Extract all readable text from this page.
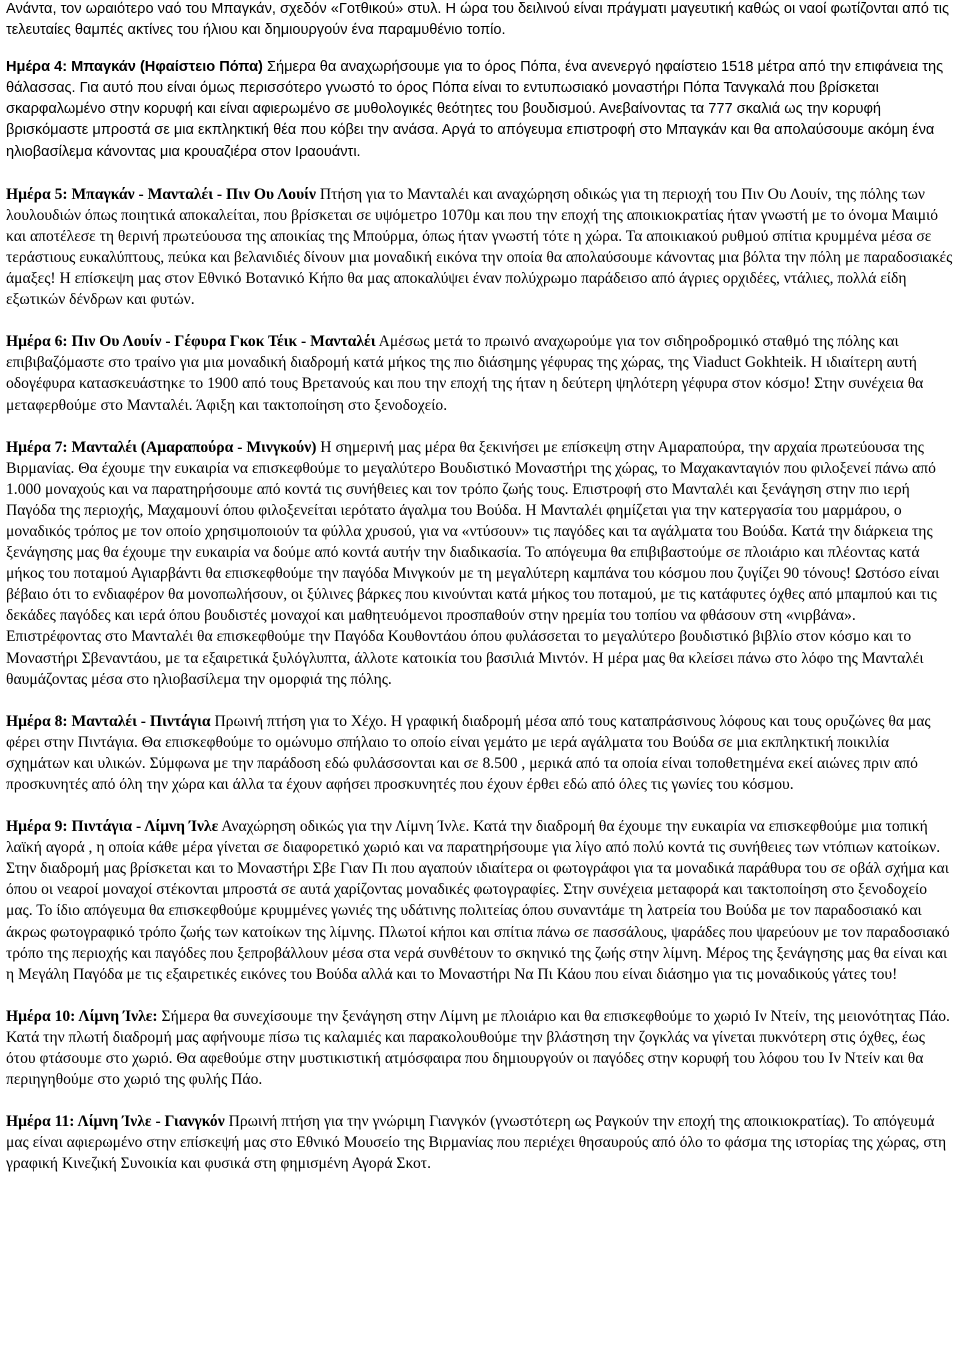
Ανάντα, τον ωραιότερο ναό του Μπαγκάν, σχεδόν «Γοτθικού» στυλ. Η ώρα του δειλινού είναι πράγματι μαγευτική καθώς οι ναοί φωτίζονται από τις τελευταίες θαμπές ακτίνες του ήλιου και δημιουργούν ένα παραμυθένιο τοπίο.

Ημέρα 4: Μπαγκάν (Ηφαίστειο Πόπα) Σήμερα θα αναχωρήσουμε για το όρος Πόπα, ένα ανενεργό ηφαίστειο 1518 μέτρα από την επιφάνεια της θάλασσας. Για αυτό που είναι όμως περισσότερο γνωστό το όρος Πόπα είναι το εντυπωσιακό μοναστήρι Πόπα Τανγκαλά που βρίσκεται σκαρφαλωμένο στην κορυφή και είναι αφιερωμένο σε μυθολογικές θεότητες του βουδισμού. Ανεβαίνοντας τα 777 σκαλιά ως την κορυφή βρισκόμαστε μπροστά σε μια εκπληκτική θέα που κόβει την ανάσα. Αργά το απόγευμα επιστροφή στο Μπαγκάν και θα απολαύσουμε ακόμη ένα ηλιοβασίλεμα κάνοντας μια κρουαζιέρα στον Ιραουάντι.

Ημέρα 5: Μπαγκάν - Μανταλέι - Πιν Ου Λουίν Πτήση για το Μανταλέι και αναχώρηση οδικώς για τη περιοχή του Πιν Ου Λουίν, της πόλης των λουλουδιών όπως ποιητικά αποκαλείται, που βρίσκεται σε υψόμετρο 1070μ και που την εποχή της αποικιοκρατίας ήταν γνωστή με το όνομα Μαιμιό και αποτέλεσε τη θερινή πρωτεύουσα της αποικίας της Μπούρμα, όπως ήταν γνωστή τότε η χώρα. Τα αποικιακού ρυθμού σπίτια κρυμμένα μέσα σε τεράστιους ευκαλύπτους, πεύκα και βελανιδιές δίνουν μια μοναδική εικόνα την οποία θα απολαύσουμε κάνοντας μια βόλτα την πόλη με παραδοσιακές άμαξες! Η επίσκεψη μας στον Εθνικό Βοτανικό Κήπο θα μας αποκαλύψει έναν πολύχρωμο παράδεισο από άγριες ορχιδέες, ντάλιες, πολλά είδη εξωτικών δένδρων και φυτών.

Ημέρα 6: Πιν Ου Λουίν - Γέφυρα Γκοκ Τέικ - Μανταλέι Αμέσως μετά το πρωινό αναχωρούμε για τον σιδηροδρομικό σταθμό της πόλης και επιβιβαζόμαστε στο τραίνο για μια μοναδική διαδρομή κατά μήκος της πιο διάσημης γέφυρας της χώρας, της Viaduct Gokhteik. Η ιδιαίτερη αυτή οδογέφυρα κατασκευάστηκε το 1900 από τους Βρετανούς και που την εποχή της ήταν η δεύτερη ψηλότερη γέφυρα στον κόσμο! Στην συνέχεια θα μεταφερθούμε στο Μανταλέι. Άφιξη και τακτοποίηση στο ξενοδοχείο.

Ημέρα 7: Μανταλέι (Αμαραπούρα - Μινγκούν) Η σημερινή μας μέρα θα ξεκινήσει με επίσκεψη στην Αμαραπούρα, την αρχαία πρωτεύουσα της Βιρμανίας. Θα έχουμε την ευκαιρία να επισκεφθούμε το μεγαλύτερο Βουδιστικό Μοναστήρι της χώρας, το Μαχακανταγιόν που φιλοξενεί πάνω από 1.000 μοναχούς και να παρατηρήσουμε από κοντά τις συνήθειες και τον τρόπο ζωής τους. Επιστροφή στο Μανταλέι και ξενάγηση στην πιο ιερή Παγόδα της περιοχής, Μαχαμουνί όπου φιλοξενείται ιερότατο άγαλμα του Βούδα. Η Μανταλέι φημίζεται για την κατεργασία του μαρμάρου, ο μοναδικός τρόπος με τον οποίο χρησιμοποιούν τα φύλλα χρυσού, για να «ντύσουν» τις παγόδες και τα αγάλματα του Βούδα. Κατά την διάρκεια της ξενάγησης μας θα έχουμε την ευκαιρία να δούμε από κοντά αυτήν την διαδικασία. Το απόγευμα θα επιβιβαστούμε σε πλοιάριο και πλέοντας κατά μήκος του ποταμού Αγιαρβάντι θα επισκεφθούμε την παγόδα Μινγκούν με τη μεγαλύτερη καμπάνα του κόσμου που ζυγίζει 90 τόνους! Ωστόσο είναι βέβαιο ότι το ενδιαφέρον θα μονοπωλήσουν, οι ξύλινες βάρκες που κινούνται κατά μήκος του ποταμού, με τις κατάφυτες όχθες από μπαμπού και τις δεκάδες παγόδες και ιερά όπου βουδιστές μοναχοί και μαθητευόμενοι προσπαθούν στην ηρεμία του τοπίου να φθάσουν στη «νιρβάνα». Επιστρέφοντας στο Μανταλέι θα επισκεφθούμε την Παγόδα Κουθοντάου όπου φυλάσσεται το μεγαλύτερο βουδιστικό βιβλίο στον κόσμο και το Μοναστήρι Σβεναντάου, με τα εξαιρετικά ξυλόγλυπτα, άλλοτε κατοικία του βασιλιά Μιντόν. Η μέρα μας θα κλείσει πάνω στο λόφο της Μανταλέι θαυμάζοντας μέσα στο ηλιοβασίλεμα την ομορφιά της πόλης.

Ημέρα 8: Μανταλέι - Πιντάγια Πρωινή πτήση για το Χέχο. Η γραφική διαδρομή μέσα από τους καταπράσινους λόφους και τους ορυζώνες θα μας φέρει στην Πιντάγια. Θα επισκεφθούμε το ομώνυμο σπήλαιο το οποίο είναι γεμάτο με ιερά αγάλματα του Βούδα σε μια εκπληκτική ποικιλία σχημάτων και υλικών. Σύμφωνα με την παράδοση εδώ φυλάσσονται και σε 8.500 , μερικά από τα οποία είναι τοποθετημένα εκεί αιώνες πριν από προσκυνητές από όλη την χώρα και άλλα τα έχουν αφήσει προσκυνητές που έχουν έρθει εδώ από όλες τις γωνίες του κόσμου.

Ημέρα 9: Πιντάγια - Λίμνη Ίνλε Αναχώρηση οδικώς για την Λίμνη Ίνλε. Κατά την διαδρομή θα έχουμε την ευκαιρία να επισκεφθούμε μια τοπική λαϊκή αγορά , η οποία κάθε μέρα γίνεται σε διαφορετικό χωριό και να παρατηρήσουμε για λίγο από πολύ κοντά τις συνήθειες των ντόπιων κατοίκων. Στην διαδρομή μας βρίσκεται και το Μοναστήρι Σβε Γιαν Πι που αγαπούν ιδιαίτερα οι φωτογράφοι για τα μοναδικά παράθυρα του σε οβάλ σχήμα και όπου οι νεαροί μοναχοί στέκονται μπροστά σε αυτά χαρίζοντας μοναδικές φωτογραφίες. Στην συνέχεια μεταφορά και τακτοποίηση στο ξενοδοχείο μας. Το ίδιο απόγευμα θα επισκεφθούμε κρυμμένες γωνιές της υδάτινης πολιτείας όπου συναντάμε τη λατρεία του Βούδα με τον παραδοσιακό και άκρως φωτογραφικό τρόπο ζωής των κατοίκων της λίμνης. Πλωτοί κήποι και σπίτια πάνω σε πασσάλους, ψαράδες που ψαρεύουν με τον παραδοσιακό τρόπο της περιοχής και παγόδες που ξεπροβάλλουν μέσα στα νερά συνθέτουν το σκηνικό της ζωής στην λίμνη. Μέρος της ξενάγησης μας θα είναι και η Μεγάλη Παγόδα με τις εξαιρετικές εικόνες του Βούδα αλλά και το Μοναστήρι Να Πι Κάου που είναι διάσημο για τις μοναδικούς γάτες του!

Ημέρα 10: Λίμνη Ίνλε: Σήμερα θα συνεχίσουμε την ξενάγηση στην Λίμνη με πλοιάριο και θα επισκεφθούμε το χωριό Ιν Ντείν, της μειονότητας Πάο. Κατά την πλωτή διαδρομή μας αφήνουμε πίσω τις καλαμιές και παρακολουθούμε την βλάστηση την ζογκλάς να γίνεται πυκνότερη στις όχθες, έως ότου φτάσουμε στο χωριό. Θα αφεθούμε στην μυστικιστική ατμόσφαιρα που δημιουργούν οι παγόδες στην κορυφή του λόφου του Ιν Ντείν και θα περιηγηθούμε στο χωριό της φυλής Πάο.

Ημέρα 11: Λίμνη Ίνλε - Γιανγκόν Πρωινή πτήση για την γνώριμη Γιανγκόν (γνωστότερη ως Ραγκούν την εποχή της αποικιοκρατίας). Το απόγευμά μας είναι αφιερωμένο στην επίσκεψή μας στο Εθνικό Μουσείο της Βιρμανίας που περιέχει θησαυρούς από όλο το φάσμα της ιστορίας της χώρας, στη γραφική Κινεζική Συνοικία και φυσικά στη φημισμένη Αγορά Σκοτ.
